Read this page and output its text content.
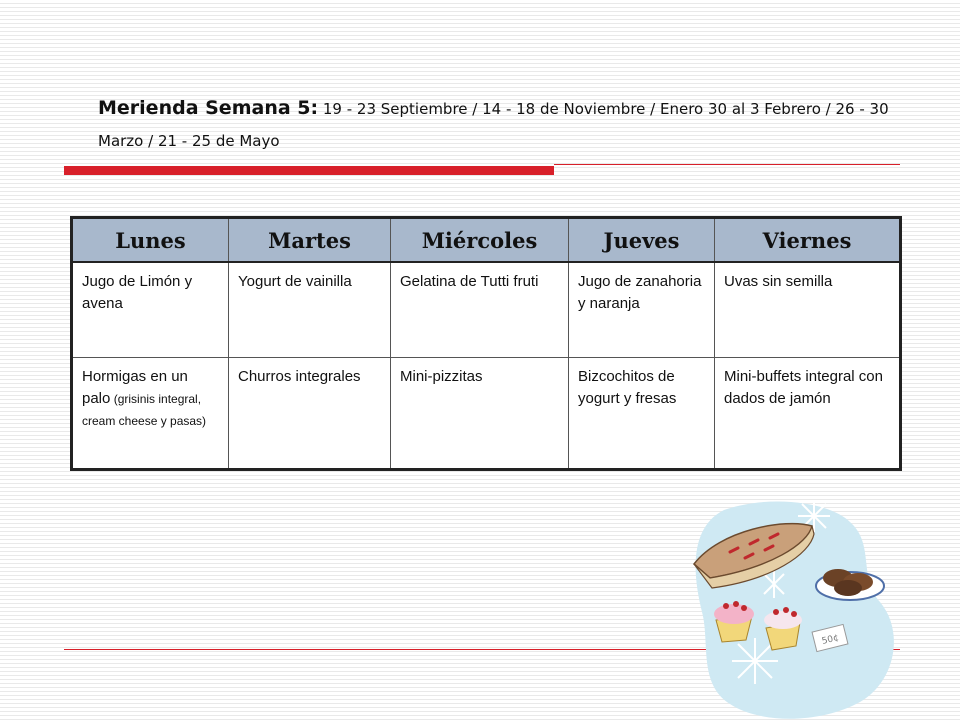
Merienda Semana 5: 19 - 23 Septiembre / 14 - 18 de Noviembre / Enero 30 al 3 Febrero / 26 - 30 Marzo / 21 - 25 de Mayo
Lunes	Martes	Miércoles	Jueves	Viernes
Jugo de Limón y avena	Yogurt de vainilla	Gelatina de Tutti fruti	Jugo de zanahoria y naranja	Uvas sin semilla
Hormigas en un palo (grisinis integral, cream cheese y pasas)	Churros integrales	Mini-pizzitas	Bizcochitos de yogurt y fresas	Mini-buffets integral con dados de jamón
50¢
